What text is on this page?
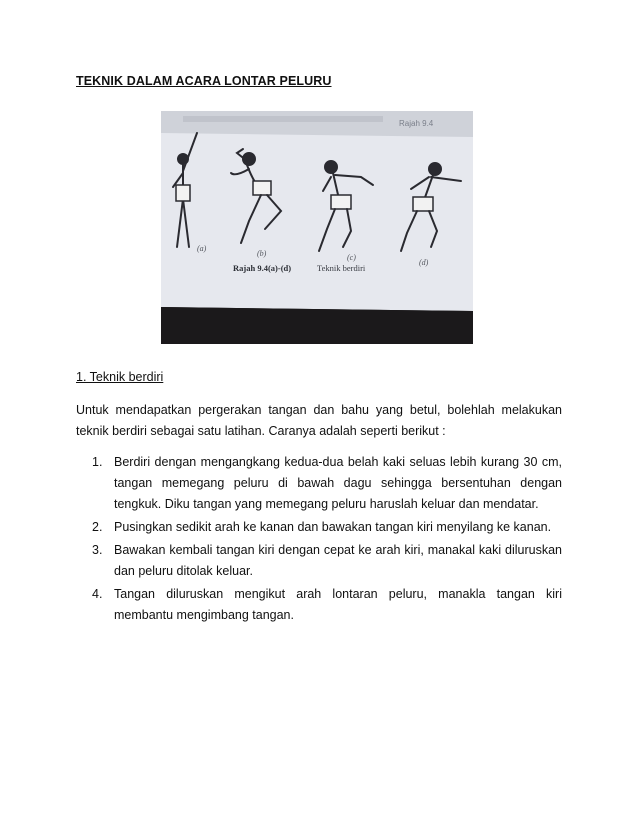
TEKNIK DALAM ACARA LONTAR PELURU
Rajah 9.4
(a)
(b)	(c)
(d)
Rajah 9.4(a)-(d)	Teknik berdiri
1. Teknik berdiri

Untuk mendapatkan pergerakan tangan dan bahu yang betul, bolehlah melakukan teknik berdiri sebagai satu latihan. Caranya adalah seperti berikut :

1. Berdiri dengan mengangkang kedua-dua belah kaki seluas lebih kurang 30 cm, tangan memegang peluru di bawah dagu sehingga bersentuhan dengan tengkuk. Diku tangan yang memegang peluru haruslah keluar dan mendatar.
2. Pusingkan sedikit arah ke kanan dan bawakan tangan kiri menyilang ke kanan.
3. Bawakan kembali tangan kiri dengan cepat ke arah kiri, manakal kaki diluruskan dan peluru ditolak keluar.
4. Tangan diluruskan mengikut arah lontaran peluru, manakla tangan kiri membantu mengimbang tangan.
